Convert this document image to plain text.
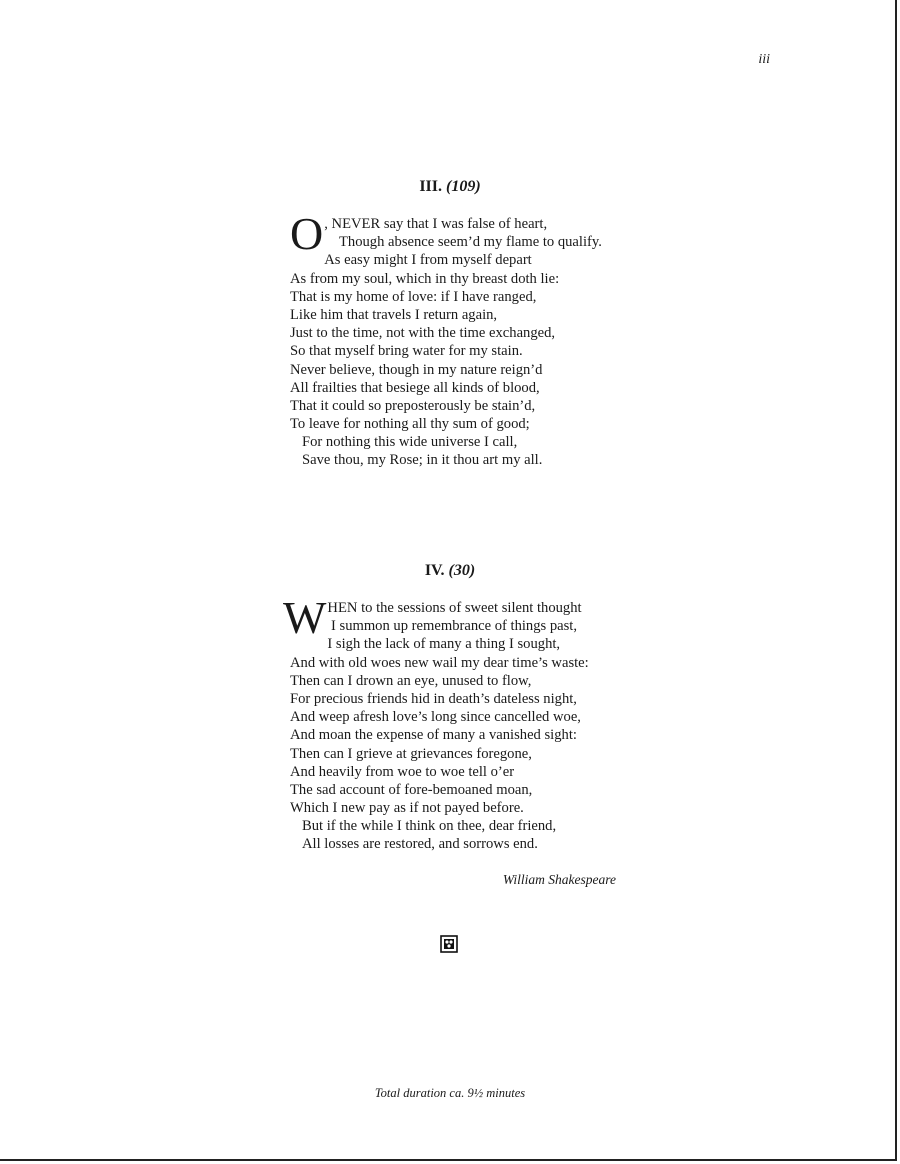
iii
III. (109)
O , NEVER say that I was false of heart,
Though absence seem’d my flame to qualify.
As easy might I from myself depart
As from my soul, which in thy breast doth lie:
That is my home of love: if I have ranged,
Like him that travels I return again,
Just to the time, not with the time exchanged,
So that myself bring water for my stain.
Never believe, though in my nature reign’d
All frailties that besiege all kinds of blood,
That it could so preposterously be stain’d,
To leave for nothing all thy sum of good;
For nothing this wide universe I call,
Save thou, my Rose; in it thou art my all.
IV. (30)
WHEN to the sessions of sweet silent thought
I summon up remembrance of things past,
I sigh the lack of many a thing I sought,
And with old woes new wail my dear time’s waste:
Then can I drown an eye, unused to flow,
For precious friends hid in death’s dateless night,
And weep afresh love’s long since cancelled woe,
And moan the expense of many a vanished sight:
Then can I grieve at grievances foregone,
And heavily from woe to woe tell o’er
The sad account of fore-bemoaned moan,
Which I new pay as if not payed before.
But if the while I think on thee, dear friend,
All losses are restored, and sorrows end.
William Shakespeare
Total duration ca. 9½ minutes
